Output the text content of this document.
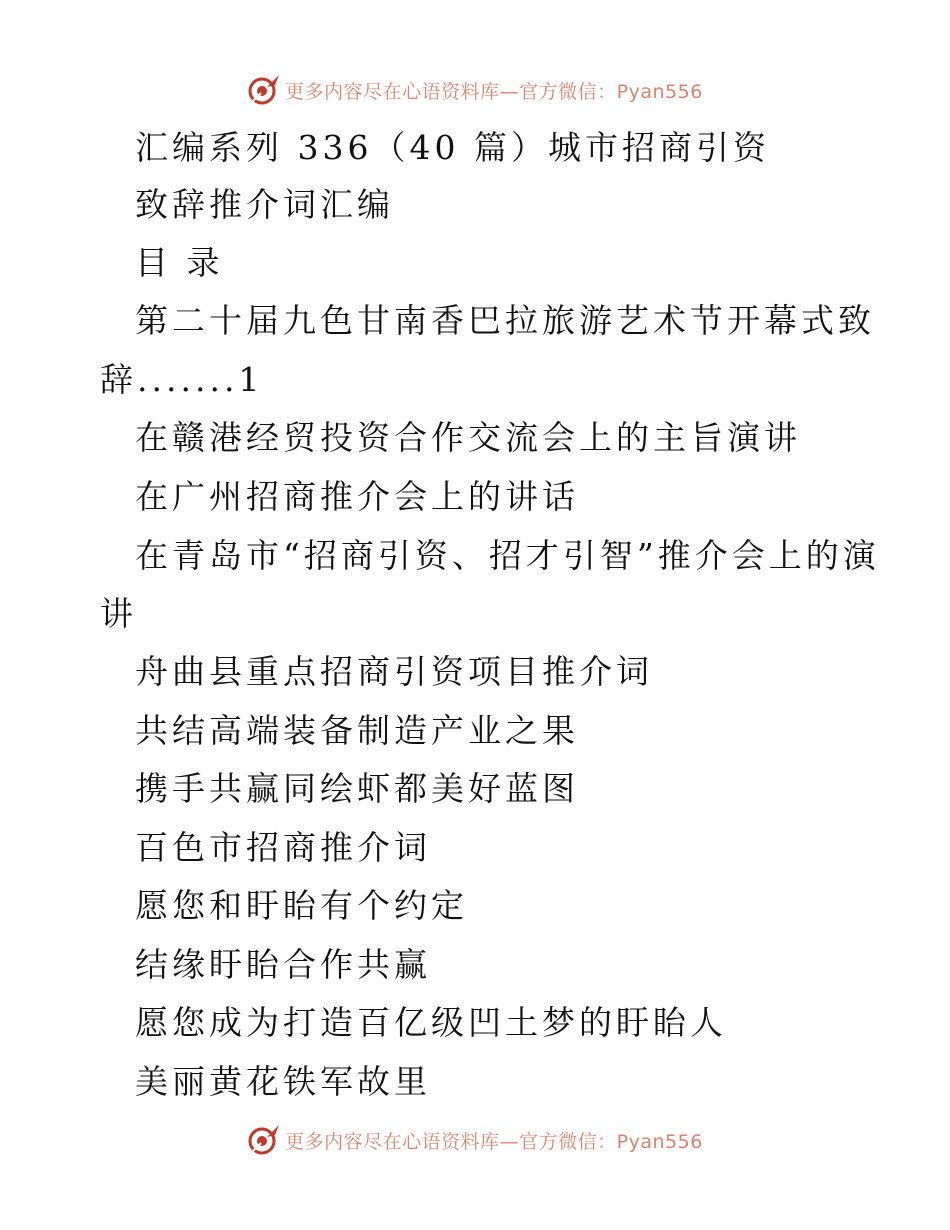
更多内容尽在心语资料库—官方微信：Pyan556
汇编系列 336（40 篇）城市招商引资
致辞推介词汇编
目 录
第二十届九色甘南香巴拉旅游艺术节开幕式致
辞.......1
在赣港经贸投资合作交流会上的主旨演讲
在广州招商推介会上的讲话
在青岛市“招商引资、招才引智”推介会上的演
讲
舟曲县重点招商引资项目推介词
共结高端装备制造产业之果
携手共赢同绘虾都美好蓝图
百色市招商推介词
愿您和盱眙有个约定
结缘盱眙合作共赢
愿您成为打造百亿级凹土梦的盱眙人
美丽黄花铁军故里
更多内容尽在心语资料库—官方微信：Pyan556
